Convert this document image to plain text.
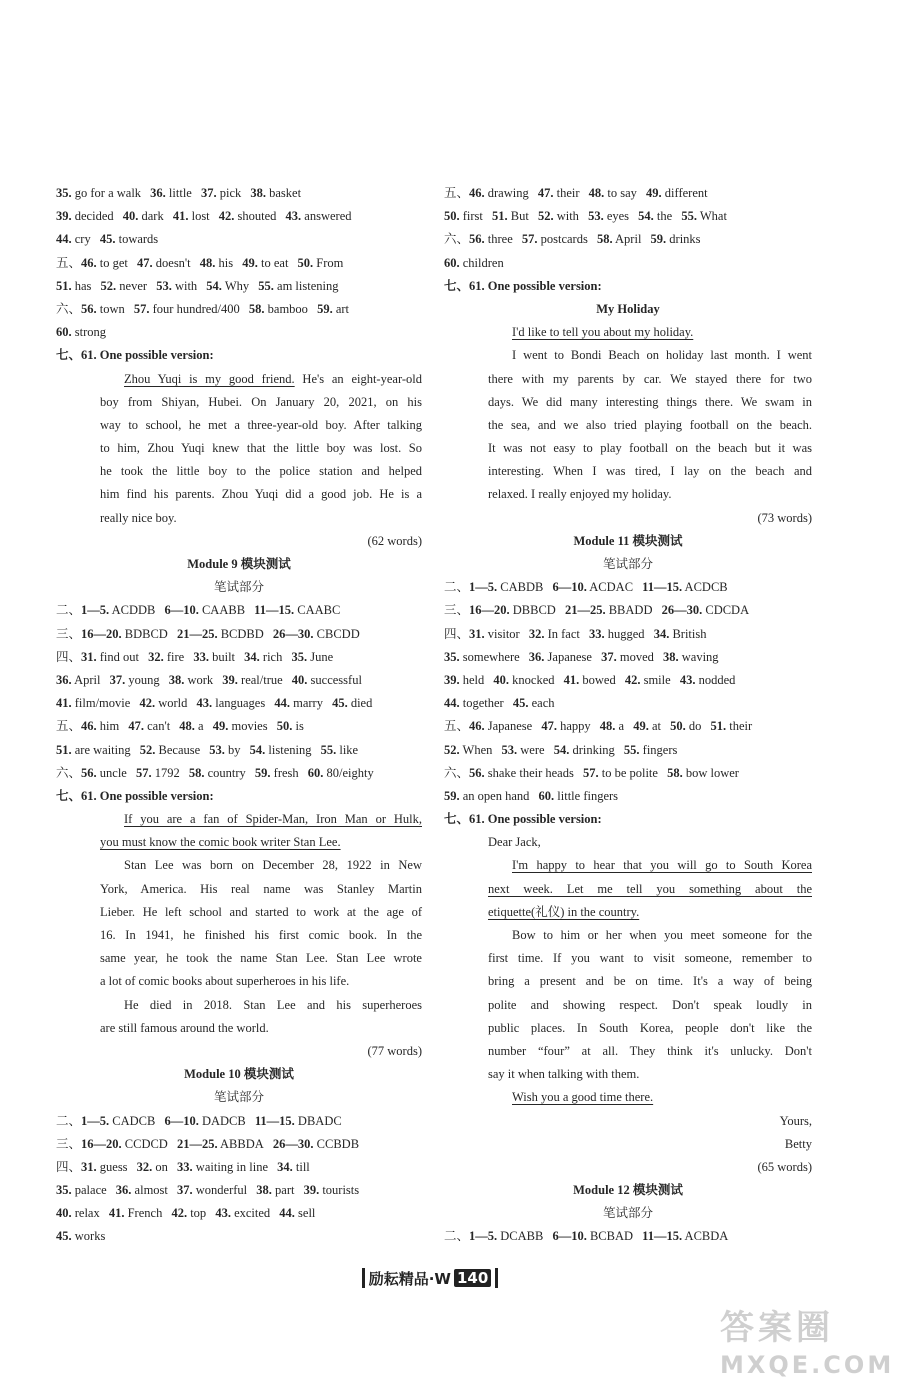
35. go for a walk 36. little 37. pick 38. basket
39. decided 40. dark 41. lost 42. shouted 43. answered
44. cry 45. towards
五、46. to get 47. doesn't 48. his 49. to eat 50. From
51. has 52. never 53. with 54. Why 55. am listening
六、56. town 57. four hundred/400 58. bamboo 59. art
60. strong
七、61. One possible version:
Zhou Yuqi is my good friend. He's an eight-year-old
boy from Shiyan, Hubei. On January 20, 2021, on his
way to school, he met a three-year-old boy. After talking
to him, Zhou Yuqi knew that the little boy was lost. So
he took the little boy to the police station and helped
him find his parents. Zhou Yuqi did a good job. He is a
really nice boy.
(62 words)
Module 9 模块测试
笔试部分
二、1—5. ACDDB 6—10. CAABB 11—15. CAABC
三、16—20. BDBCD 21—25. BCDBD 26—30. CBCDD
四、31. find out 32. fire 33. built 34. rich 35. June
36. April 37. young 38. work 39. real/true 40. successful
41. film/movie 42. world 43. languages 44. marry 45. died
五、46. him 47. can't 48. a 49. movies 50. is
51. are waiting 52. Because 53. by 54. listening 55. like
六、56. uncle 57. 1792 58. country 59. fresh 60. 80/eighty
七、61. One possible version:
If you are a fan of Spider-Man, Iron Man or Hulk,
you must know the comic book writer Stan Lee.
Stan Lee was born on December 28, 1922 in New
York, America. His real name was Stanley Martin
Lieber. He left school and started to work at the age of
16. In 1941, he finished his first comic book. In the
same year, he took the name Stan Lee. Stan Lee wrote
a lot of comic books about superheroes in his life.
He died in 2018. Stan Lee and his superheroes
are still famous around the world.
(77 words)
Module 10 模块测试
笔试部分
二、1—5. CADCB 6—10. DADCB 11—15. DBADC
三、16—20. CCDCD 21—25. ABBDA 26—30. CCBDB
四、31. guess 32. on 33. waiting in line 34. till
35. palace 36. almost 37. wonderful 38. part 39. tourists
40. relax 41. French 42. top 43. excited 44. sell
45. works
五、46. drawing 47. their 48. to say 49. different
50. first 51. But 52. with 53. eyes 54. the 55. What
六、56. three 57. postcards 58. April 59. drinks
60. children
七、61. One possible version:
My Holiday
I'd like to tell you about my holiday.
I went to Bondi Beach on holiday last month. I went
there with my parents by car. We stayed there for two
days. We did many interesting things there. We swam in
the sea, and we also tried playing football on the beach.
It was not easy to play football on the beach but it was
interesting. When I was tired, I lay on the beach and
relaxed. I really enjoyed my holiday.
(73 words)
Module 11 模块测试
笔试部分
二、1—5. CABDB 6—10. ACDAC 11—15. ACDCB
三、16—20. DBBCD 21—25. BBADD 26—30. CDCDA
四、31. visitor 32. In fact 33. hugged 34. British
35. somewhere 36. Japanese 37. moved 38. waving
39. held 40. knocked 41. bowed 42. smile 43. nodded
44. together 45. each
五、46. Japanese 47. happy 48. a 49. at 50. do 51. their
52. When 53. were 54. drinking 55. fingers
六、56. shake their heads 57. to be polite 58. bow lower
59. an open hand 60. little fingers
七、61. One possible version:
Dear Jack,
I'm happy to hear that you will go to South Korea
next week. Let me tell you something about the
etiquette(礼仪) in the country.
Bow to him or her when you meet someone for the
first time. If you want to visit someone, remember to
bring a present and be on time. It's a way of being
polite and showing respect. Don't speak loudly in
public places. In South Korea, people don't like the
number “four” at all. They think it's unlucky. Don't
say it when talking with them.
Wish you a good time there.
Yours,
Betty
(65 words)
Module 12 模块测试
笔试部分
二、1—5. DCABB 6—10. BCBAD 11—15. ACBDA
励耘精品·W 140
答案圈
MXQE.COM
